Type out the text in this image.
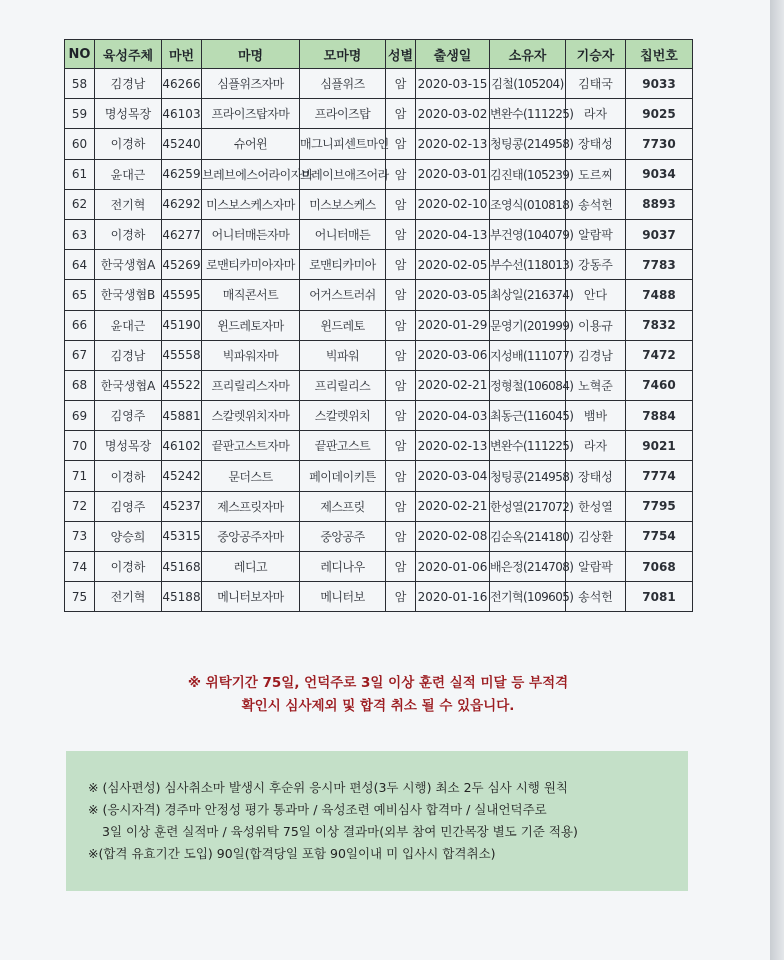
NO	육성주체	마번	마명	모마명	성별	출생일	소유자	기승자	칩번호
58	김경남	46266	심플위즈자마	심플위즈	암	2020-03-15	김철(105204)	김태국	9033
59	명성목장	46103	프라이즈탑자마	프라이즈탑	암	2020-03-02	변완수(111225)	라자	9025
60	이경하	45240	슈어윈	매그니피센트마인	암	2020-02-13	청팅콩(214958)	장태성	7730
61	윤대근	46259	브레브에스어라이자마	브레이브애즈어라	암	2020-03-01	김진태(105239)	도르찌	9034
62	전기혁	46292	미스보스케스자마	미스보스케스	암	2020-02-10	조영식(010818)	송석헌	8893
63	이경하	46277	어니터매든자마	어니터매든	암	2020-04-13	부건영(104079)	알람팍	9037
64	한국생협A	45269	로맨티카미아자마	로맨티카미아	암	2020-02-05	부수선(118013)	강동주	7783
65	한국생협B	45595	매직콘서트	어거스트러쉬	암	2020-03-05	최상일(216374)	안다	7488
66	윤대근	45190	윈드레토자마	윈드레토	암	2020-01-29	문영기(201999)	이용규	7832
67	김경남	45558	빅파워자마	빅파워	암	2020-03-06	지성배(111077)	김경남	7472
68	한국생협A	45522	프리릴리스자마	프리릴리스	암	2020-02-21	정형철(106084)	노혁준	7460
69	김영주	45881	스칼렛위치자마	스칼렛위치	암	2020-04-03	최동근(116045)	뱀바	7884
70	명성목장	46102	끝판고스트자마	끝판고스트	암	2020-02-13	변완수(111225)	라자	9021
71	이경하	45242	문더스트	페이데이키튼	암	2020-03-04	청팅콩(214958)	장태성	7774
72	김영주	45237	제스프릿자마	제스프릿	암	2020-02-21	한성열(217072)	한성열	7795
73	양승희	45315	중앙공주자마	중앙공주	암	2020-02-08	김순옥(214180)	김상환	7754
74	이경하	45168	레디고	레디나우	암	2020-01-06	배은정(214708)	알람팍	7068
75	전기혁	45188	메니터보자마	메니터보	암	2020-01-16	전기혁(109605)	송석헌	7081
※ 위탁기간 75일, 언덕주로 3일 이상 훈련 실적 미달 등 부적격
확인시 심사제외 및 합격 취소 될 수 있읍니다.
※ (심사편성) 심사취소마 발생시 후순위 응시마 편성(3두 시행) 최소 2두 심사 시행 원칙
※ (응시자격) 경주마 안정성 평가 통과마 / 육성조련 예비심사 합격마 / 실내언덕주로
3일 이상 훈련 실적마 / 육성위탁 75일 이상 결과마(외부 참여 민간목장 별도 기준 적용)
※(합격 유효기간 도입) 90일(합격당일 포함 90일이내 미 입사시 합격취소)
